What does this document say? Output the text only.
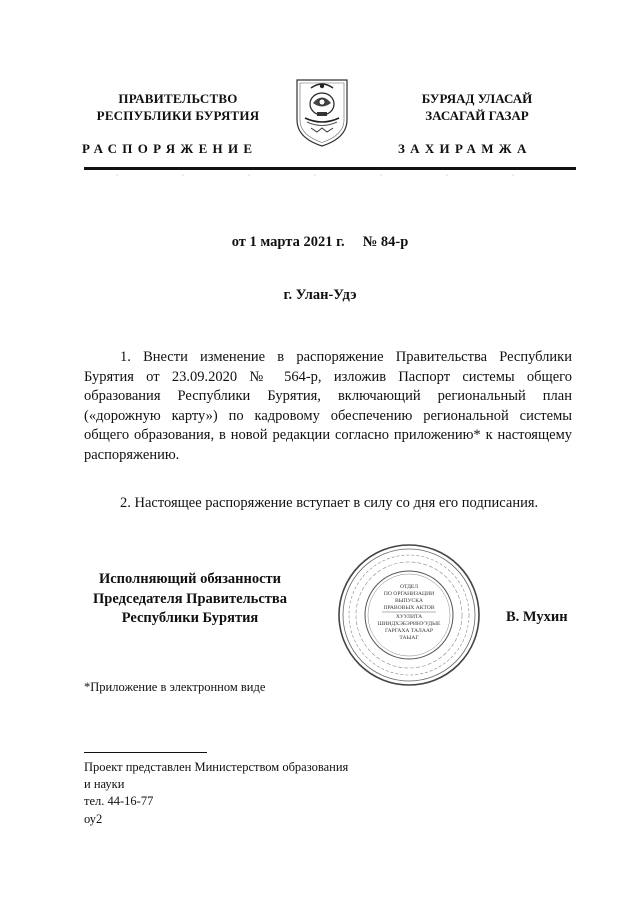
ПРАВИТЕЛЬСТВО
РЕСПУБЛИКИ БУРЯТИЯ
БУРЯАД УЛАСАЙ
ЗАСАГАЙ ГАЗАР
РАСПОРЯЖЕНИЕ	ЗАХИРАМЖА
от 1 марта 2021 г. № 84-р
г. Улан-Удэ
1. Внести изменение в распоряжение Правительства Республики Бурятия от 23.09.2020 № 564-р, изложив Паспорт системы общего образования Республики Бурятия, включающий региональный план («дорожную карту») по кадровому обеспечению региональной системы общего образования, в новой редакции согласно приложению* к настоящему распоряжению.
2. Настоящее распоряжение вступает в силу со дня его подписания.
Исполняющий обязанности
Председателя Правительства
Республики Бурятия
ОТДЕЛ
ПО ОРГАНИЗАЦИИ
ВЫПУСКА
ПРАВОВЫХ АКТОВ
ХУУЛИТА
ШИИДХЭБЭРИНУУДЫЕ
ГАРГАХА ТАЛААР
ТАЫАГ
В. Мухин
*Приложение в электронном виде
Проект представлен Министерством образования
и науки
тел. 44-16-77
оу2
